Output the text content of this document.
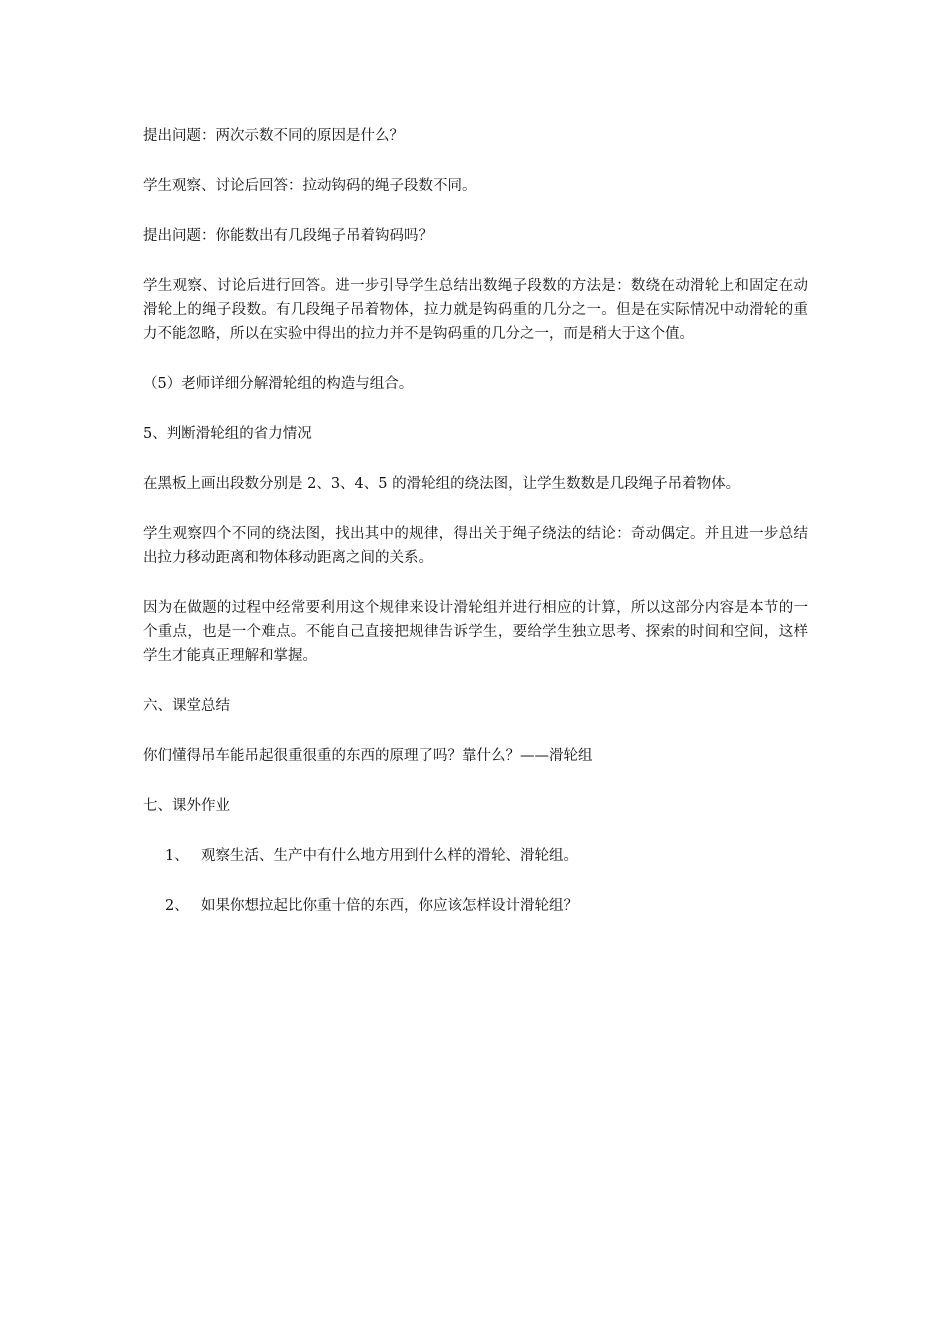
提出问题：两次示数不同的原因是什么？

学生观察、讨论后回答：拉动钩码的绳子段数不同。

提出问题：你能数出有几段绳子吊着钩码吗？

学生观察、讨论后进行回答。进一步引导学生总结出数绳子段数的方法是：数绕在动滑轮上和固定在动滑轮上的绳子段数。有几段绳子吊着物体，拉力就是钩码重的几分之一。但是在实际情况中动滑轮的重力不能忽略，所以在实验中得出的拉力并不是钩码重的几分之一，而是稍大于这个值。

（5）老师详细分解滑轮组的构造与组合。

5、判断滑轮组的省力情况

在黑板上画出段数分别是 2、3、4、5 的滑轮组的绕法图，让学生数数是几段绳子吊着物体。

学生观察四个不同的绕法图，找出其中的规律，得出关于绳子绕法的结论：奇动偶定。并且进一步总结出拉力移动距离和物体移动距离之间的关系。

因为在做题的过程中经常要利用这个规律来设计滑轮组并进行相应的计算，所以这部分内容是本节的一个重点，也是一个难点。不能自己直接把规律告诉学生，要给学生独立思考、探索的时间和空间，这样学生才能真正理解和掌握。

六、课堂总结

你们懂得吊车能吊起很重很重的东西的原理了吗？靠什么？——滑轮组

七、课外作业

1、 观察生活、生产中有什么地方用到什么样的滑轮、滑轮组。
2、 如果你想拉起比你重十倍的东西，你应该怎样设计滑轮组？
